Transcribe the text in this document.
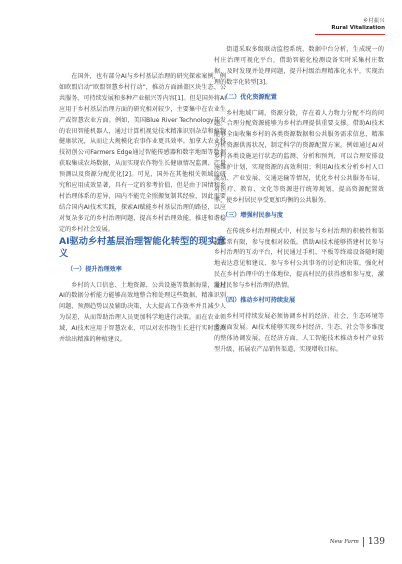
乡村振兴
Rural Vitalization

在国外，也有部分AI与乡村基层治理的研究探索案例，例如欧盟启动“欧盟智慧乡村行动”，推动方面涵盖区块生态、公共服务、可持续发展和多种产业振兴等内容[1]。但是国外将AI应用于乡村基层治理方面的研究相对较少，主要集中在农业生产或智慧农业方面。例如，美国Blue River Technology开发的农田智能机器人，通过计算机视觉技术精准识别杂草和植物健康状况，从而让大规模化农事作业更具效率。加拿大农业科技初创公司Farmers Edge通过智能传感器和数字地图等数据获取集成农场数据，从而实现农作物生长健康情况监测、产量预测以及资源分配优化[2]。可见，国外在其他相关领域的研究和应用成效显著，具有一定的参考价值，但是由于国情和乡村治理体系的差异，国内不能完全照搬复制其经验，因此需要结合国内AI技术实践，探索AI赋能乡村基层治理的路径，以应对复杂多元的乡村治理问题，提高乡村治理效能，推进和谐稳定的乡村社会发展。

AI驱动乡村基层治理智能化转型的现实意义

（一）提升治理效率

乡村的人口信息、土地资源、公共设施等数据海量，通过AI的数据分析能力能够高效地整合和处理这些数据，精准识别问题、预测趋势以及辅助决策，大大提高工作效率并且减少人为误差，从而帮助治理人员更加科学地进行决策。而在农业领域，AI技术应用于智慧农业，可以对农作物生长进行实时监测并给出精准的种植建议。

街道采取多级联动监控系统、数据中台分析，生成统一的村庄治理可视化平台，借助智能化检测设备实时采集村庄数据，及时发现并处理问题，提升村级治理精准化水平，实现治理的数字化转型[3]。

（二）优化资源配置

乡村地域广阔、资源分散，存在着人力物力分配不均的问题。合理分配资源能够为乡村治理提供重要支撑。借助AI技术能够全面收集乡村的各类资源数据和公共服务需求信息，精准分析资源供需状况，制定科学的资源配置方案。例如通过AI对乡村各类设施运行状态的监测、分析和预判，可以合理安排设施维护计划，实现资源的高效利用；利用AI技术分析乡村人口流动、产业发展、交通运输等情况，优化乡村公共服务布局，对医疗、教育、文化等资源进行统筹规划，提高资源配置效率，使乡村居民享受更加均衡的公共服务。

（三）增强村民参与度

在传统乡村治理模式中，村民参与乡村治理的积极性和渠道非常有限，参与度相对较低。借助AI技术能够搭建村民参与乡村治理的互动平台，村民通过手机、平板等终端设备随时随地表达意见和建议、参与乡村公共事务的讨论和决策，强化村民在乡村治理中的主体地位，提高村民的获得感和参与度，激发村民参与乡村治理的热情。

（四）推动乡村可持续发展

乡村可持续发展必须协调乡村的经济、社会、生态环境等多方面发展。AI技术能够实现乡村经济、生态、社会等多维度的整体协调发展，在经济方面，人工智能技术推动乡村产业转型升级，拓展农产品销售渠道，实现增收目标。

New Farm 139
